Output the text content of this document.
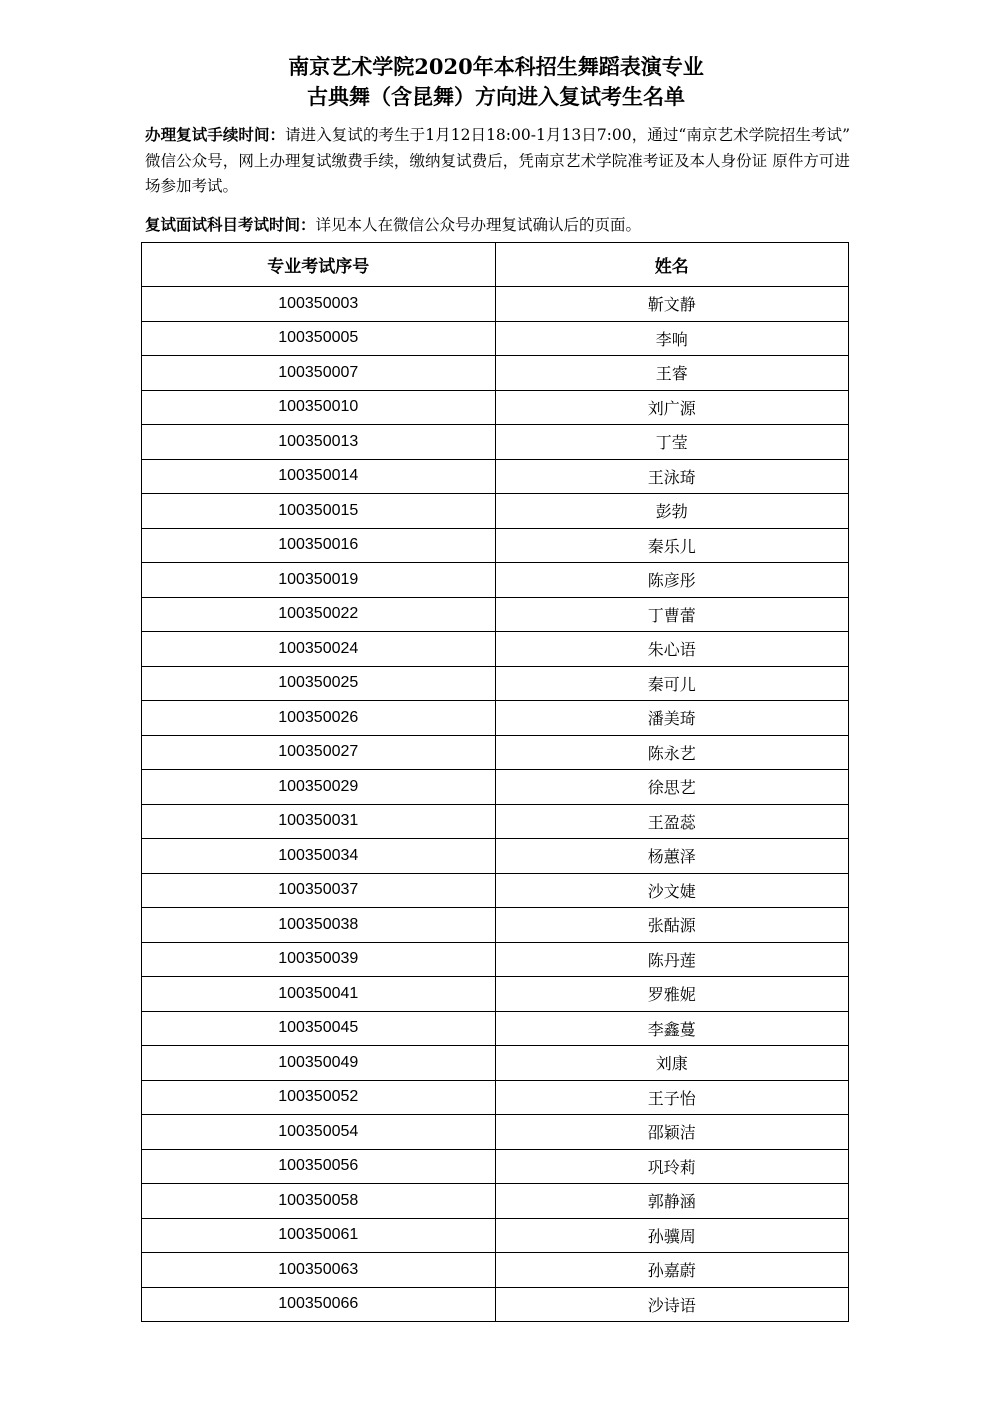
南京艺术学院2020年本科招生舞蹈表演专业
古典舞（含昆舞）方向进入复试考生名单
办理复试手续时间：请进入复试的考生于1月12日18:00-1月13日7:00，通过“南京艺术学院招生考试” 微信公众号，网上办理复试缴费手续，缴纳复试费后，凭南京艺术学院准考证及本人身份证 原件方可进场参加考试。
复试面试科目考试时间：详见本人在微信公众号办理复试确认后的页面。
专业考试序号	姓名
100350003	靳文静
100350005	李响
100350007	王睿
100350010	刘广源
100350013	丁莹
100350014	王泳琦
100350015	彭勃
100350016	秦乐儿
100350019	陈彦彤
100350022	丁曹蕾
100350024	朱心语
100350025	秦可儿
100350026	潘美琦
100350027	陈永艺
100350029	徐思艺
100350031	王盈蕊
100350034	杨蕙泽
100350037	沙文婕
100350038	张酤源
100350039	陈丹莲
100350041	罗雅妮
100350045	李鑫蔓
100350049	刘康
100350052	王子怡
100350054	邵颖洁
100350056	巩玲莉
100350058	郭静涵
100350061	孙骥周
100350063	孙嘉蔚
100350066	沙诗语
